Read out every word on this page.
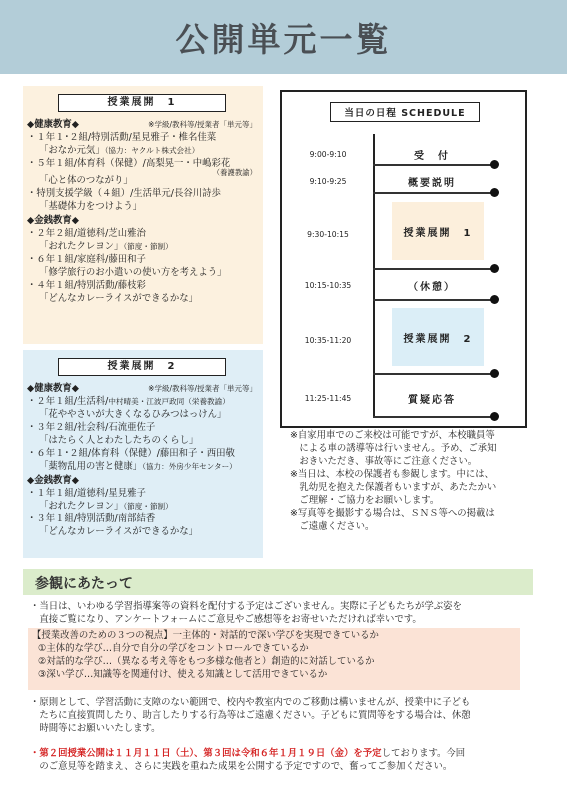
公開単元一覧
授業展開　1
◆健康教育◆	※学級/教科等/授業者「単元等」
・１年１･２組/特別活動/星見雅子・椎名佳菜
「おなか元気」（協力：ヤクルト株式会社）
・５年１組/体育科（保健）/高梨晃一・中嶋彩花
（養護教諭）
「心と体のつながり」
・特別支援学級（４組）/生活単元/長谷川詩歩
「基礎体力をつけよう」
◆金銭教育◆
・２年２組/道徳科/芝山雅治
「おれたクレヨン」（節度・節制）
・６年１組/家庭科/藤田和子
「修学旅行のお小遣いの使い方を考えよう」
・４年１組/特別活動/藤枝彩
「どんなカレーライスができるかな」
授業展開　2
◆健康教育◆	※学級/教科等/授業者「単元等」
・２年１組/生活科/中村晴美・江波戸政同（栄養教諭）
「花ややさいが大きくなるひみつはっけん」
・３年２組/社会科/石流亜佐子
「はたらく人とわたしたちのくらし」
・６年１･２組/体育科（保健）/藤田和子・西田敬
「薬物乱用の害と健康」（協力：外房少年センター）
◆金銭教育◆
・１年１組/道徳科/星見雅子
「おれたクレヨン」（節度・節制）
・３年１組/特別活動/南部結香
「どんなカレーライスができるかな」
当日の日程 SCHEDULE
9:00-9:10	受　付
9:10-9:25	概要説明
9:30-10:15	授業展開　1
10:15-10:35	（休憩）
10:35-11:20	授業展開　2
11:25-11:45	質疑応答

※自家用車でのご来校は可能ですが、本校職員等

　による車の誘導等は行いません。予め、ご承知

　おきいただき、事故等にご注意ください。

※当日は、本校の保護者も参観します。中には、

　乳幼児を抱えた保護者もいますが、あたたかい

　ご理解・ご協力をお願いします。

※写真等を撮影する場合は、ＳＮＳ等への掲載は

　ご遠慮ください。

参観にあたって

・当日は、いわゆる学習指導案等の資料を配付する予定はございません。実際に子どもたちが学ぶ姿を

　直接ご覧になり、アンケートフォームにご意見やご感想等をお寄せいただければ幸いです。

【授業改善のための３つの視点】一主体的・対話的で深い学びを実現できているか

①主体的な学び…自分で自分の学びをコントロールできているか

②対話的な学び…（異なる考え等をもつ多様な他者と）創造的に対話しているか

③深い学び…知識等を関連付け、使える知識として活用できているか

・原則として、学習活動に支障のない範囲で、校内や教室内でのご移動は構いませんが、授業中に子ども

　たちに直接質問したり、助言したりする行為等はご遠慮ください。子どもに質問等をする場合は、休憩

　時間等にお願いいたします。

・第２回授業公開は１１月１１日（土）、第３回は令和６年１月１９日（金）を予定しております。今回

　のご意見等を踏まえ、さらに実践を重ねた成果を公開する予定ですので、奮ってご参加ください。
